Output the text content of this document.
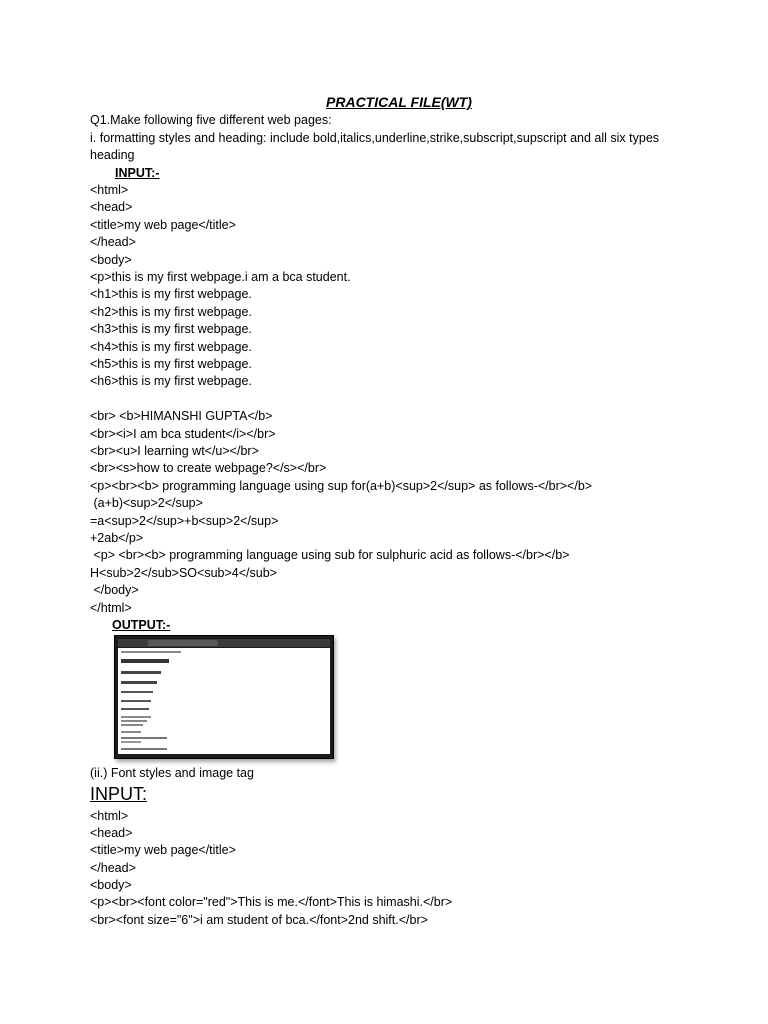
PRACTICAL FILE(WT)
Q1.Make following five different web pages:
i. formatting styles and heading: include bold,italics,underline,strike,subscript,supscript and all six types
heading
INPUT:-
<html>
<head>
<title>my web page</title>
</head>
<body>
<p>this is my first webpage.i am a bca student.
<h1>this is my first webpage.
<h2>this is my first webpage.
<h3>this is my first webpage.
<h4>this is my first webpage.
<h5>this is my first webpage.
<h6>this is my first webpage.
<br> <b>HIMANSHI GUPTA</b>
<br><i>I am bca student</i></br>
<br><u>I learning wt</u></br>
<br><s>how to create webpage?</s></br>
<p><br><b> programming language using sup for(a+b)<sup>2</sup> as follows-</br></b>
(a+b)<sup>2</sup>
=a<sup>2</sup>+b<sup>2</sup>
+2ab</p>
<p> <br><b> programming language using sub for sulphuric acid as follows-</br></b>
H<sub>2</sub>SO<sub>4</sub>
</body>
</html>
OUTPUT:-
(ii.) Font styles and image tag
INPUT:
<html>
<head>
<title>my web page</title>
</head>
<body>
<p><br><font color="red">This is me.</font>This is himashi.</br>
<br><font size="6">i am student of bca.</font>2nd shift.</br>
